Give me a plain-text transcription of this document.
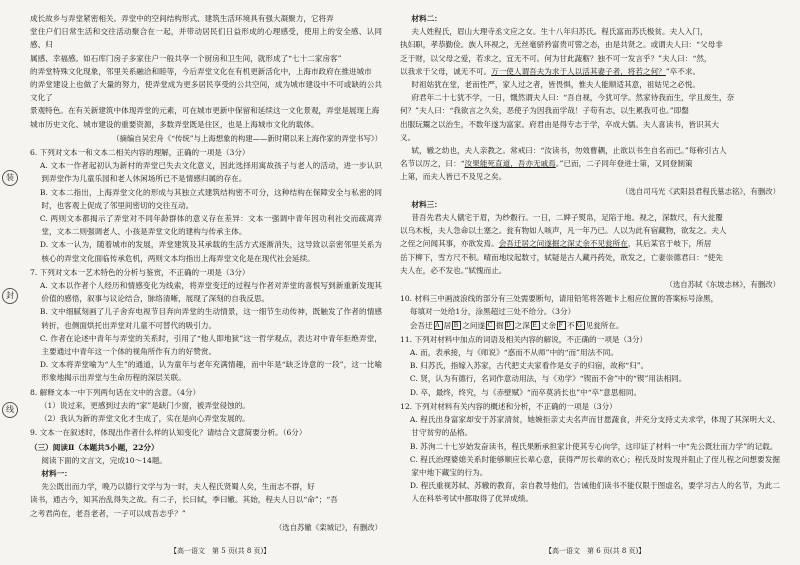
装
封
线

成长故乡与弄堂紧密相关。弄堂中的空间结构形式、建筑生活环境具有强大凝聚力，它将弄

堂住户们日常生活和交往活动聚合在一起，并带动居民们日益形成的心理感受，使用上的安全感、认同感、归

属感、幸福感。如石库门房子多家住户一般共享一个厨房和卫生间，就形成了“七十二家房客”

的弄堂特殊文化现象，邻里关系融洽和睦等，今后弄堂文化在有机更新活化中，上海市政府在推进城市

的弄堂建设上也做了大量的努力，使弄堂成为更多居民享受的公共空间，成为城市建设中不可或缺的公共文化了

景观特色。在有关新建筑中体现弄堂的元素，可在城市更新中保留和延续这一文化景观，弄堂是展现上海

城市历史文化、城市建设的重要资源，多数弄堂既是住区，也是上海城市文化的载体。

（摘编自吴宏舟《“传统”与上海想象的构建——新时期以来上海作家的弄堂书写》）

6. 下列对文本一和文本二相关内容的理解，正确的一项是（3分）

A. 文本一作者起初认为新村的弄堂已失去文化意义，因此选择用寓故孩子与老人的活动，进一步认识到弄堂作为儿童乐园和老人休闲场所已不是情感归属的存在。

B. 文本二指出，上海弄堂文化的形成与其独立式建筑结构密不可分，这种结构在保障安全与私密的同时，也客观上促成了邻里间密切的交往互动。

C. 两则文本都揭示了弄堂对不同年龄群体的意义存在差异：文本一强调中青年因功利社交而疏离弄堂，文本二则强调老人、小孩是弄堂文化的建构与传承主体。

D. 文本一认为，随着城市的发展，弄堂建筑及其承载的生活方式逐渐消失，这导致以亲密邻里关系为核心的弄堂文化面临传承危机，两则文本均指出上海弄堂文化是在现代社会延续。

7. 下列对文本一艺术特色的分析与鉴赏，不正确的一项是（3分）

A. 文本以作者个人经历和情感变化为线索，将弄堂变迁的过程与作者对弄堂的喜恨写到新重新发现其价值的感悟，叙事与议论结合，脉络清晰，展现了深刻的自我反思。

B. 文中细腻刻画了儿子舍弃电视节目奔向弄堂的生动情景，这一细节生动传神，既触发了作者的情感转折，也侧面烘托出弄堂对儿童不可替代的吸引力。

C. 作者在论述中青年与弄堂的关系时，引用了“他人即地狱”这一哲学观点，表达对中青年拒绝弄堂，主要通过中青年这一个体的视角所作有力的好赞赏。

D. 文本将弄堂喻为“人生”的通道，认为童年与老年充满情趣，而中年是“缺乏诗意的一段”，这一比喻形象地揭示出弄堂与生命历程的深层关联。

8. 解释文本一中下列两句话在文中的含意。（4分）

（1）说过来，更感到过去的“家”是缺门少窗，被弄堂侵蚀的。

（2）我认为新的弄堂文化才生成了，实在是向心弄堂发展的。

9. 文本一在叙述时，体现出作者什么样的认知变化？请结合文意简要分析。（6分）

（三）阅读Ⅱ（本题共5小题，22分）

阅读下面的文言文，完成10～14题。

材料一：

先公既出而力学，晚乃以德行文学与为一时，夫人程氏贤蜀人矣，生而志不群，好

读书，通古今，知其治乱得失之故。有二子，长曰轼，季曰辙。其始，程夫人日以“命”；“吾

之考君尚在，老吾老者，一子可以成吾志乎？”

（选自苏辙《栾城记》，有删改）

材料二：

夫人姓程氏，眉山大理寺丞文应之女。生十八年归苏氏。程氏富而苏氏极贫。夫人入门，

执妇职，孝恭勤俭。族人环视之，无丝毫骄矜富贵可訾之态，由是共贤之。或谓夫人曰：“父母非

乏于财，以父母之爱，若求之，宜无不可。何为甘此蔬粝？独不可一发言乎？”夫人曰：“然，

以我求于父母，诚无不可。万一使人谓吾夫为求于人以活其妻子者，将若之何？”卒不求。

时祖姑犹在堂，老而性严，家人过之者，皆畏惧，惟夫人能顺适其意，祖姑见之必悦。

府君年二十七犹不学，一日，慨然谓夫人曰：“吾自视，今犹可学。然家待我而生，学且废生，奈

何？”夫人曰：“我欲言之久矣，恶使子为因我而学哉！子苟有志，以生累我可也。”即罄

出服玩鬻之以治生，不数年遂为富家。府君由是得专志于学，卒成大儒。夫人喜读书，皆识其大

义。

轼，辙之幼也，夫人亲教之。常戒曰：“汝读书，勿效曹耦，止欲以书生自名而已。”每称引古人

名节以厉之，曰：“汝果能死直道，吾亦无戚焉。”已而，二子同年登进士第，又同登制策

上第，而夫人皆已不及见之矣。

（选自司马光《武阳县君程氏墓志铭》，有删改）

材料三：

昔吾先君夫人僦宅于眉，为纱縠行。一日，二婢子熨帛，足陷于地。视之，深数尺，有大瓮覆

以乌木板，夫人急命以土塞之。瓮有物如人咳声，凡一年乃已。人以为此有宿藏物，欲发之。夫人

之侄之问闻其事，亦欲发焉。会吾迁居之问遂掘之深丈余不见瓮所在，其后某官于岐下，所居

岳下柳下，雪方尺不积。晴而地坟起数寸，轼疑是古人藏丹药处，欲发之，亡妻崇德君曰：“使先

夫人在，必不发也。”轼愧而止。

（选自苏轼《东坡志林》，有删改）

10. 材料三中画波浪线的部分有三处需要断句，请用铅笔将答题卡上相应位置的答案标号涂黑，

每填对一处给1分，涂黑超过三处不给分。（3分）

会吾迁 A 居 B 之问遂 C 掘 D 之深 E 丈余 F 不 G 见瓮所在。

11. 下列对材料中加点的词语及相关内容的解说，不正确的一项是（3分）

A. 而，表承接，与《师说》“惑而不从师”中的“而”用法不同。

B. 归苏氏，指嫁入苏家，古代把丈夫家看作是女子的归宿，故称“归”。

C. 贤，认为有德行，名词作意动用法，与《劝学》“锲而不舍”中的“锲”用法相同。

D. 卒，最终，终究，与《赤壁赋》“而卒莫消长也”中“卒”意思相同。

12. 下列对材料有关内容的概述和分析，不正确的一项是（3分）

A. 程氏出身富家却安于苏家清贫，她婉拒亲丈夫名声而甘愿蔬食，并充分支持丈夫求学，体现了其深明大义、甘守贫穷的品格。

B. 苏洵二十七岁始发奋读书，程氏果断承担家计使其专心向学，这印证了材料一中“先公既壮而力学”的记载。

C. 程氏治理婆媳关系时能够顺应长辈心意，获得严厉长辈的欢心；程氏及时发现并阻止了侄儿程之问想要发掘家中地下藏宝的行为。

D. 程氏重视苏轼、苏辙的教育，亲自教导他们，告诫他们读书不能仅限于图虚名，要学习古人的名节，为此二人在科举考试中都取得了优异成绩。

【高一语文　第 5 页(共 8 页)】	【高一语文　第 6 页(共 8 页)】
